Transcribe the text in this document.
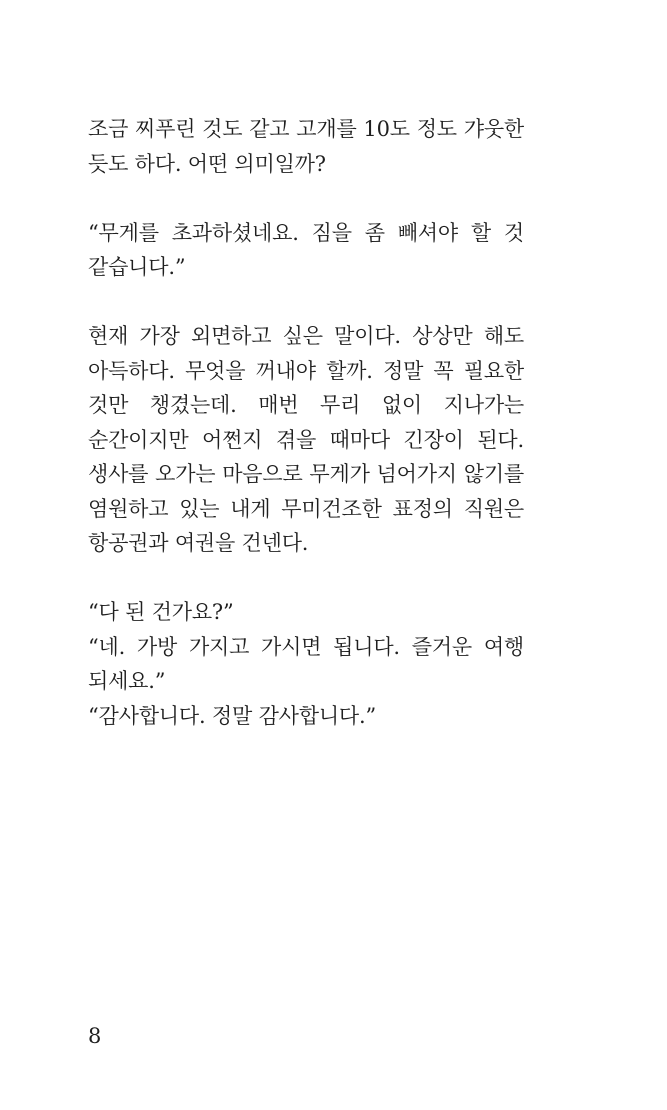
조금 찌푸린 것도 같고 고개를 10도 정도 갸웃한
듯도 하다. 어떤 의미일까?
“무게를 초과하셨네요. 짐을 좀 빼셔야 할 것
같습니다.”
현재 가장 외면하고 싶은 말이다. 상상만 해도
아득하다. 무엇을 꺼내야 할까. 정말 꼭 필요한
것만 챙겼는데. 매번 무리 없이 지나가는
순간이지만 어쩐지 겪을 때마다 긴장이 된다.
생사를 오가는 마음으로 무게가 넘어가지 않기를
염원하고 있는 내게 무미건조한 표정의 직원은
항공권과 여권을 건넨다.
“다 된 건가요?”
“네. 가방 가지고 가시면 됩니다. 즐거운 여행
되세요.”
“감사합니다. 정말 감사합니다.”
8
